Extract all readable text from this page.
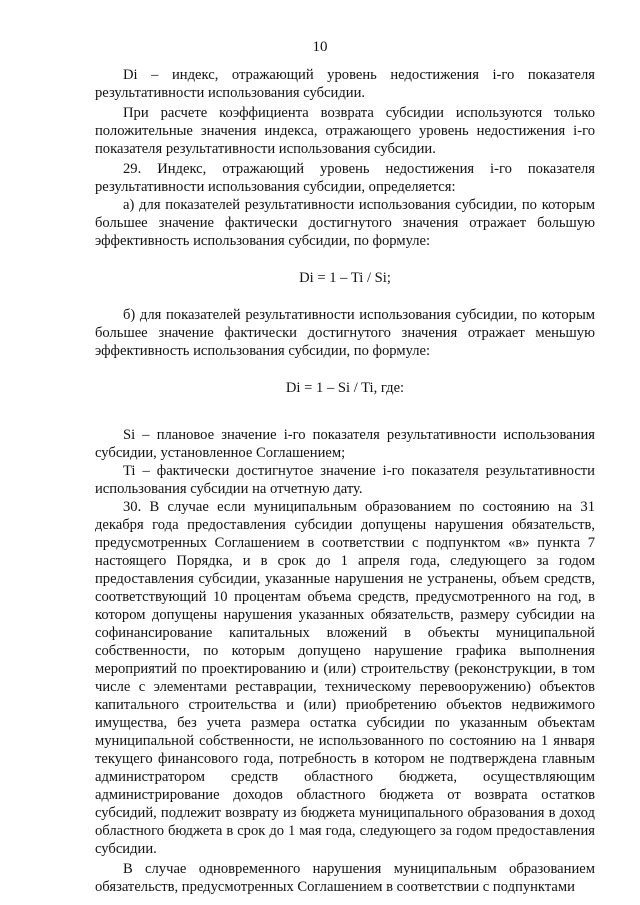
10

Di – индекс, отражающий уровень недостижения i-го показателя результативности использования субсидии.

При расчете коэффициента возврата субсидии используются только положительные значения индекса, отражающего уровень недостижения i-го показателя результативности использования субсидии.

29. Индекс, отражающий уровень недостижения i-го показателя результативности использования субсидии, определяется:

а) для показателей результативности использования субсидии, по которым большее значение фактически достигнутого значения отражает большую эффективность использования субсидии, по формуле:

Di = 1 – Ti / Si;

б) для показателей результативности использования субсидии, по которым большее значение фактически достигнутого значения отражает меньшую эффективность использования субсидии, по формуле:

Di = 1 – Si / Ti, где:

Si – плановое значение i-го показателя результативности использования субсидии, установленное Соглашением;

Ti – фактически достигнутое значение i-го показателя результативности использования субсидии на отчетную дату.

30. В случае если муниципальным образованием по состоянию на 31 декабря года предоставления субсидии допущены нарушения обязательств, предусмотренных Соглашением в соответствии с подпунктом «в» пункта 7 настоящего Порядка, и в срок до 1 апреля года, следующего за годом предоставления субсидии, указанные нарушения не устранены, объем средств, соответствующий 10 процентам объема средств, предусмотренного на год, в котором допущены нарушения указанных обязательств, размеру субсидии на софинансирование капитальных вложений в объекты муниципальной собственности, по которым допущено нарушение графика выполнения мероприятий по проектированию и (или) строительству (реконструкции, в том числе с элементами реставрации, техническому перевооружению) объектов капитального строительства и (или) приобретению объектов недвижимого имущества, без учета размера остатка субсидии по указанным объектам муниципальной собственности, не использованного по состоянию на 1 января текущего финансового года, потребность в котором не подтверждена главным администратором средств областного бюджета, осуществляющим администрирование доходов областного бюджета от возврата остатков субсидий, подлежит возврату из бюджета муниципального образования в доход областного бюджета в срок до 1 мая года, следующего за годом предоставления субсидии.

В случае одновременного нарушения муниципальным образованием обязательств, предусмотренных Соглашением в соответствии с подпунктами
